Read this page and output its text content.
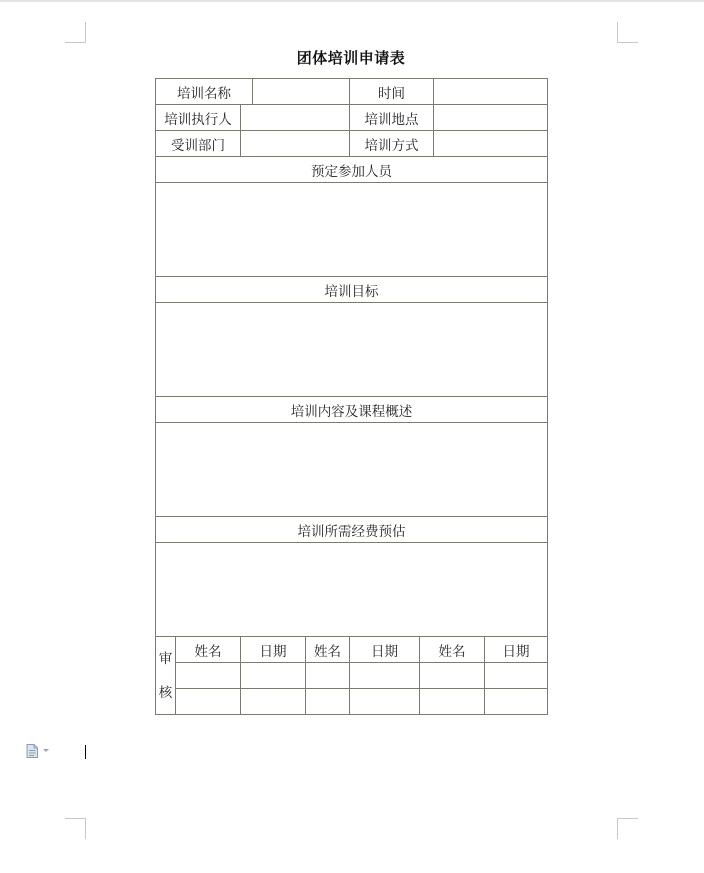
团体培训申请表
培训名称					时间			
培训执行人					培训地点			
受训部门					培训方式			
预定参加人员								

培训目标								

培训内容及课程概述								

培训所需经费预估								

审
核	姓名	日期		姓名	日期	姓名		日期
